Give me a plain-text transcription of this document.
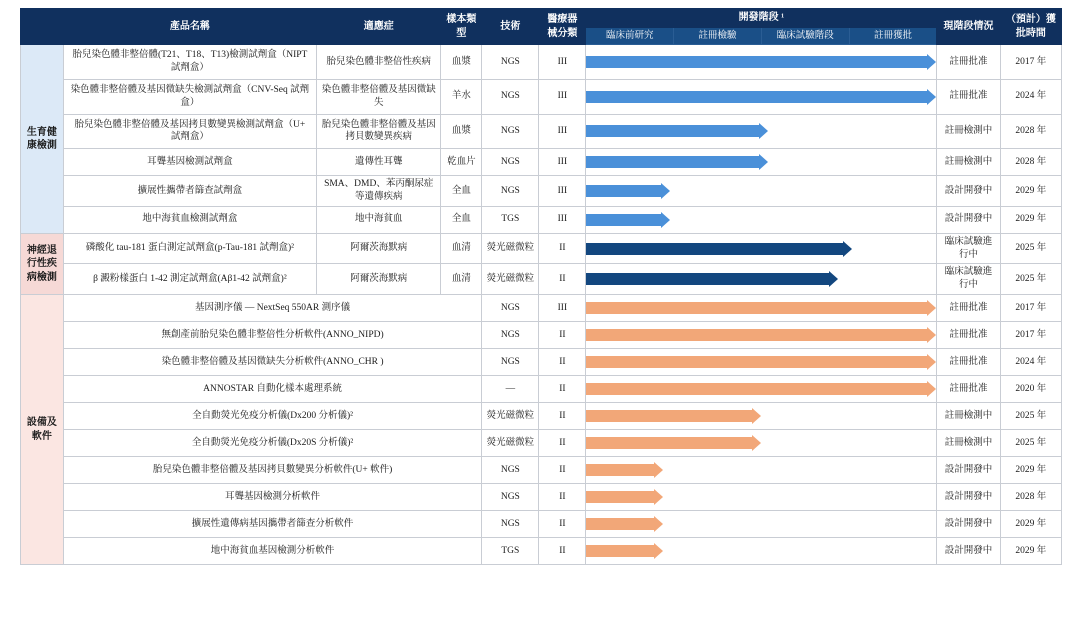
	產品名稱	適應症	樣本類型	技術	醫療器械分類	開發階段 ¹				現階段情況	（預計）獲批時間
						臨床前研究	註冊檢驗	臨床試驗階段	註冊獲批		
生育健康檢測	胎兒染色體非整倍體(T21、T18、T13)檢測試劑盒（NIPT 試劑盒）	胎兒染色體非整倍性疾病	血漿	NGS	III					註冊批准	2017 年
	染色體非整倍體及基因微缺失檢測試劑盒（CNV-Seq 試劑盒）	染色體非整倍體及基因微缺失	羊水	NGS	III					註冊批准	2024 年
	胎兒染色體非整倍體及基因拷貝數變異檢測試劑盒（U+ 試劑盒）	胎兒染色體非整倍體及基因拷貝數變異疾病	血漿	NGS	III					註冊檢測中	2028 年
	耳聾基因檢測試劑盒	遺傳性耳聾	乾血片	NGS	III					註冊檢測中	2028 年
	擴展性攜帶者篩查試劑盒	SMA、DMD、苯丙酮尿症等遺傳疾病	全血	NGS	III					設計開發中	2029 年
	地中海貧血檢測試劑盒	地中海貧血	全血	TGS	III					設計開發中	2029 年
神經退行性疾病檢測	磷酸化 tau-181 蛋白測定試劑盒(p-Tau-181 試劑盒)²	阿爾茨海默病	血清	熒光磁微粒	II					臨床試驗進行中	2025 年
	β 澱粉樣蛋白 1-42 測定試劑盒(Aβ1-42 試劑盒)²	阿爾茨海默病	血清	熒光磁微粒	II					臨床試驗進行中	2025 年
設備及軟件	基因測序儀 — NextSeq 550AR 測序儀			NGS	III					註冊批准	2017 年
	無創產前胎兒染色體非整倍性分析軟件(ANNO_NIPD)			NGS	II					註冊批准	2017 年
	染色體非整倍體及基因微缺失分析軟件(ANNO_CHR )			NGS	II					註冊批准	2024 年
	ANNOSTAR 自動化樣本處理系統			—	II					註冊批准	2020 年
	全自動熒光免疫分析儀(Dx200 分析儀)²			熒光磁微粒	II					註冊檢測中	2025 年
	全自動熒光免疫分析儀(Dx20S 分析儀)²			熒光磁微粒	II					註冊檢測中	2025 年
	胎兒染色體非整倍體及基因拷貝數變異分析軟件(U+ 軟件)			NGS	II					設計開發中	2029 年
	耳聾基因檢測分析軟件			NGS	II					設計開發中	2028 年
	擴展性遺傳病基因攜帶者篩查分析軟件			NGS	II					設計開發中	2029 年
	地中海貧血基因檢測分析軟件			TGS	II					設計開發中	2029 年
